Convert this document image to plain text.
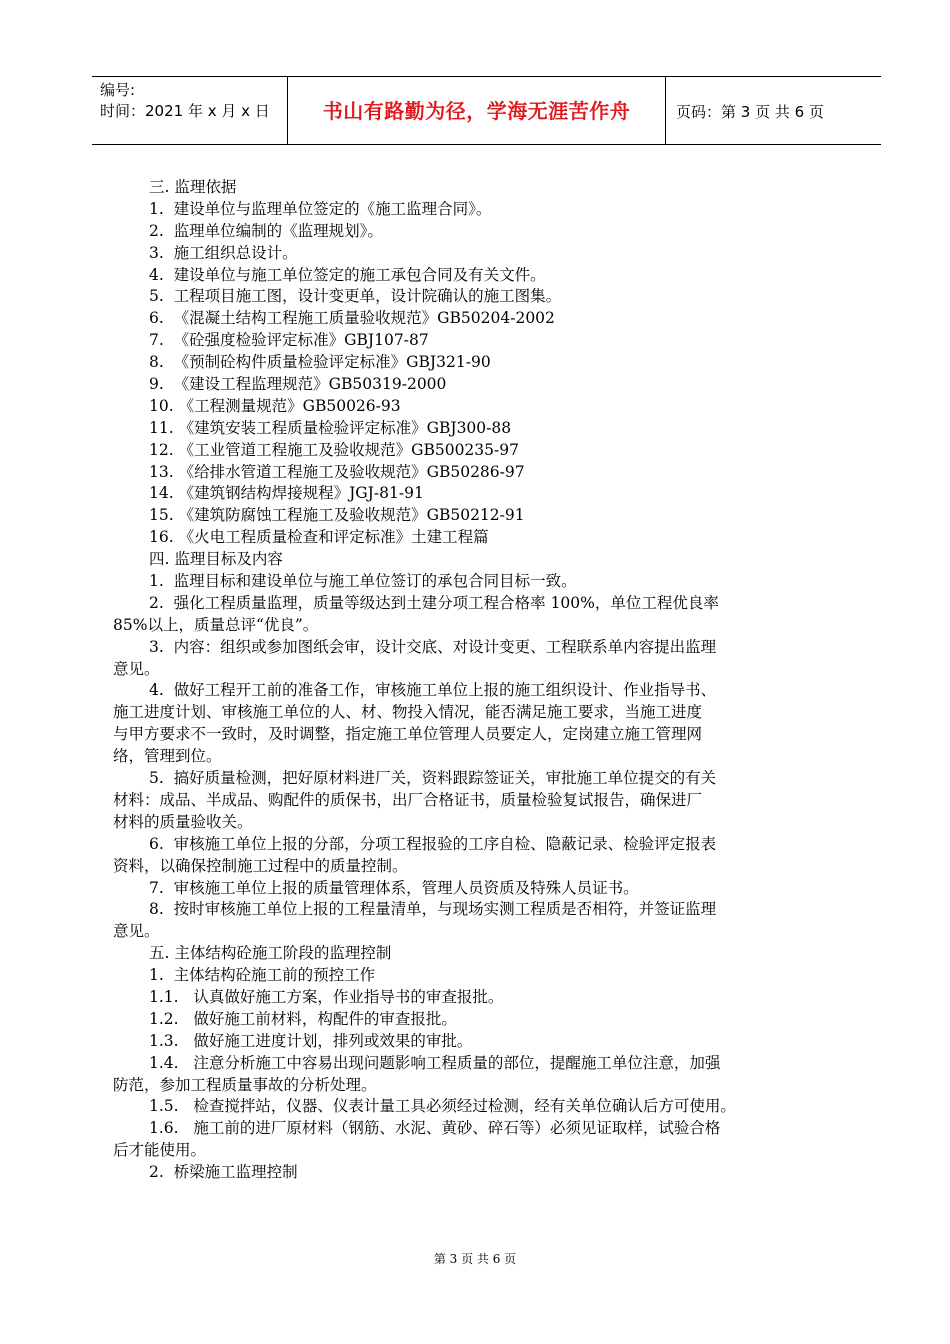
编号:
时间：2021 年 x 月 x 日	书山有路勤为径，学海无涯苦作舟	页码：第 3 页 共 6 页
三. 监理依据
1.  建设单位与监理单位签定的《施工监理合同》。
2.  监理单位编制的《监理规划》。
3.  施工组织总设计。
4.  建设单位与施工单位签定的施工承包合同及有关文件。
5.  工程项目施工图，设计变更单，设计院确认的施工图集。
6.  《混凝土结构工程施工质量验收规范》GB50204-2002
7.  《砼强度检验评定标准》GBJ107-87
8.  《预制砼构件质量检验评定标准》GBJ321-90
9.  《建设工程监理规范》GB50319-2000
10. 《工程测量规范》GB50026-93
11. 《建筑安装工程质量检验评定标准》GBJ300-88
12. 《工业管道工程施工及验收规范》GB500235-97
13. 《给排水管道工程施工及验收规范》GB50286-97
14. 《建筑钢结构焊接规程》JGJ-81-91
15. 《建筑防腐蚀工程施工及验收规范》GB50212-91
16. 《火电工程质量检查和评定标准》土建工程篇
四. 监理目标及内容
1.  监理目标和建设单位与施工单位签订的承包合同目标一致。
2.  强化工程质量监理，质量等级达到土建分项工程合格率 100%，单位工程优良率
85%以上，质量总评“优良”。
3.  内容：组织或参加图纸会审，设计交底、对设计变更、工程联系单内容提出监理
意见。
4.  做好工程开工前的准备工作，审核施工单位上报的施工组织设计、作业指导书、
施工进度计划、审核施工单位的人、材、物投入情况，能否满足施工要求，当施工进度
与甲方要求不一致时，及时调整，指定施工单位管理人员要定人，定岗建立施工管理网
络，管理到位。
5.  搞好质量检测，把好原材料进厂关，资料跟踪签证关，审批施工单位提交的有关
材料：成品、半成品、购配件的质保书，出厂合格证书，质量检验复试报告，确保进厂
材料的质量验收关。
6.  审核施工单位上报的分部，分项工程报验的工序自检、隐蔽记录、检验评定报表
资料，以确保控制施工过程中的质量控制。
7.  审核施工单位上报的质量管理体系，管理人员资质及特殊人员证书。
8.  按时审核施工单位上报的工程量清单，与现场实测工程质是否相符，并签证监理
意见。
五. 主体结构砼施工阶段的监理控制
1.  主体结构砼施工前的预控工作
1.1.   认真做好施工方案，作业指导书的审查报批。
1.2.   做好施工前材料，构配件的审查报批。
1.3.   做好施工进度计划，排列或效果的审批。
1.4.   注意分析施工中容易出现问题影响工程质量的部位，提醒施工单位注意，加强
防范，参加工程质量事故的分析处理。
1.5.   检查搅拌站，仪器、仪表计量工具必须经过检测，经有关单位确认后方可使用。
1.6.   施工前的进厂原材料（钢筋、水泥、黄砂、碎石等）必须见证取样，试验合格
后才能使用。
2.  桥梁施工监理控制
第 3 页 共 6 页
